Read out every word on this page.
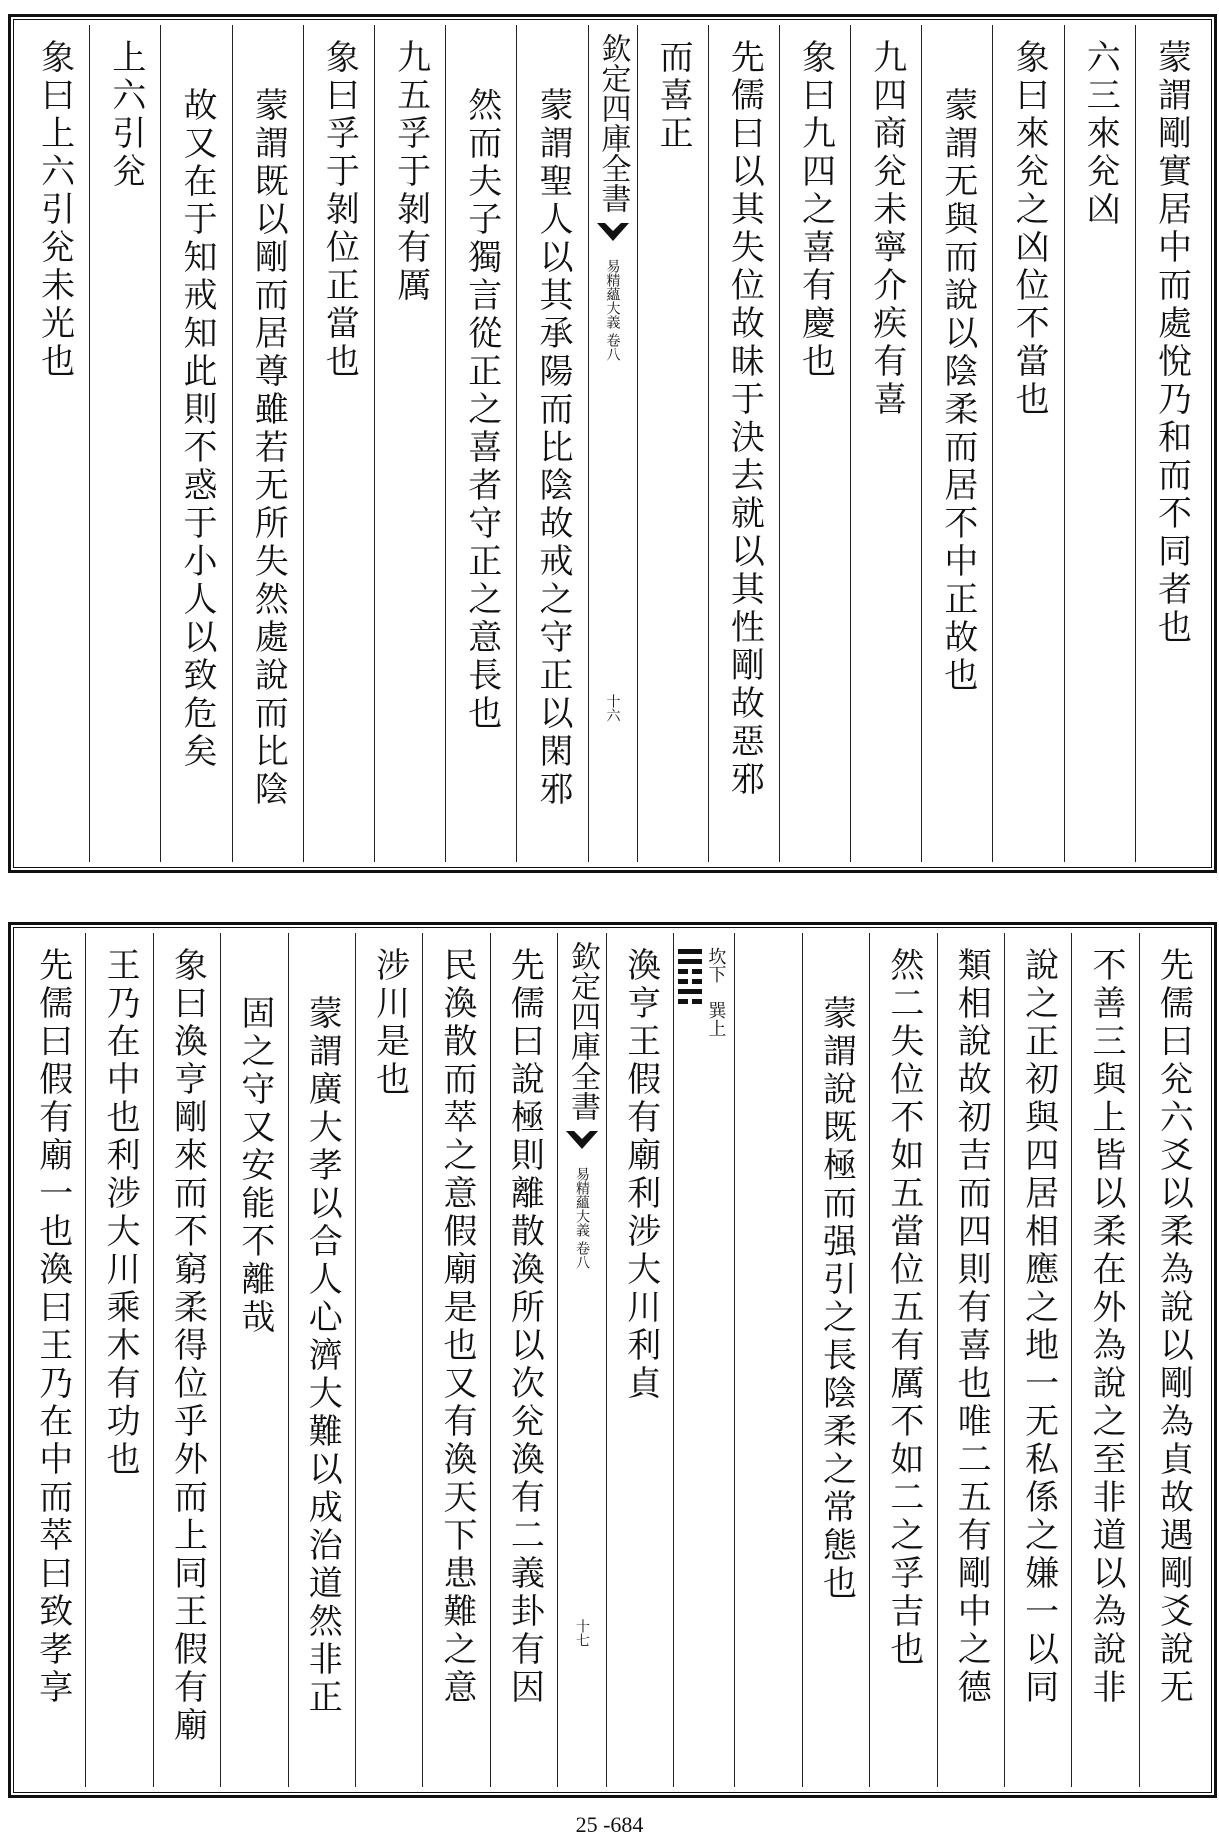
蒙謂剛實居中而處悅乃和而不同者也
六三來兊凶
象曰來兊之凶位不當也
蒙謂无與而說以陰柔而居不中正故也
九四商兊未寧介疾有喜
象曰九四之喜有慶也
先儒曰以其失位故昧于決去就以其性剛故惡邪
而喜正
欽定四庫全書
易精蘊大義
卷八
十六
蒙謂聖人以其承陽而比陰故戒之守正以閑邪
然而夫子獨言從正之喜者守正之意長也
九五孚于剝有厲
象曰孚于剝位正當也
蒙謂既以剛而居尊雖若无所失然處說而比陰
故又在于知戒知此則不惑于小人以致危矣
上六引兊
象曰上六引兊未光也
先儒曰兊六爻以柔為說以剛為貞故遇剛爻說无
不善三與上皆以柔在外為說之至非道以為說非
說之正初與四居相應之地一无私係之嫌一以同
類相說故初吉而四則有喜也唯二五有剛中之德
然二失位不如五當位五有厲不如二之孚吉也
蒙謂說既極而强引之長陰柔之常態也
坎下　巽上
渙亨王假有廟利涉大川利貞
欽定四庫全書
易精蘊大義
卷八
十七
先儒曰說極則離散渙所以次兊渙有二義卦有因
民渙散而萃之意假廟是也又有渙天下患難之意
涉川是也
蒙謂廣大孝以合人心濟大難以成治道然非正
固之守又安能不離哉
象曰渙亨剛來而不窮柔得位乎外而上同王假有廟
王乃在中也利涉大川乘木有功也
先儒曰假有廟一也渙曰王乃在中而萃曰致孝享
25 -684
